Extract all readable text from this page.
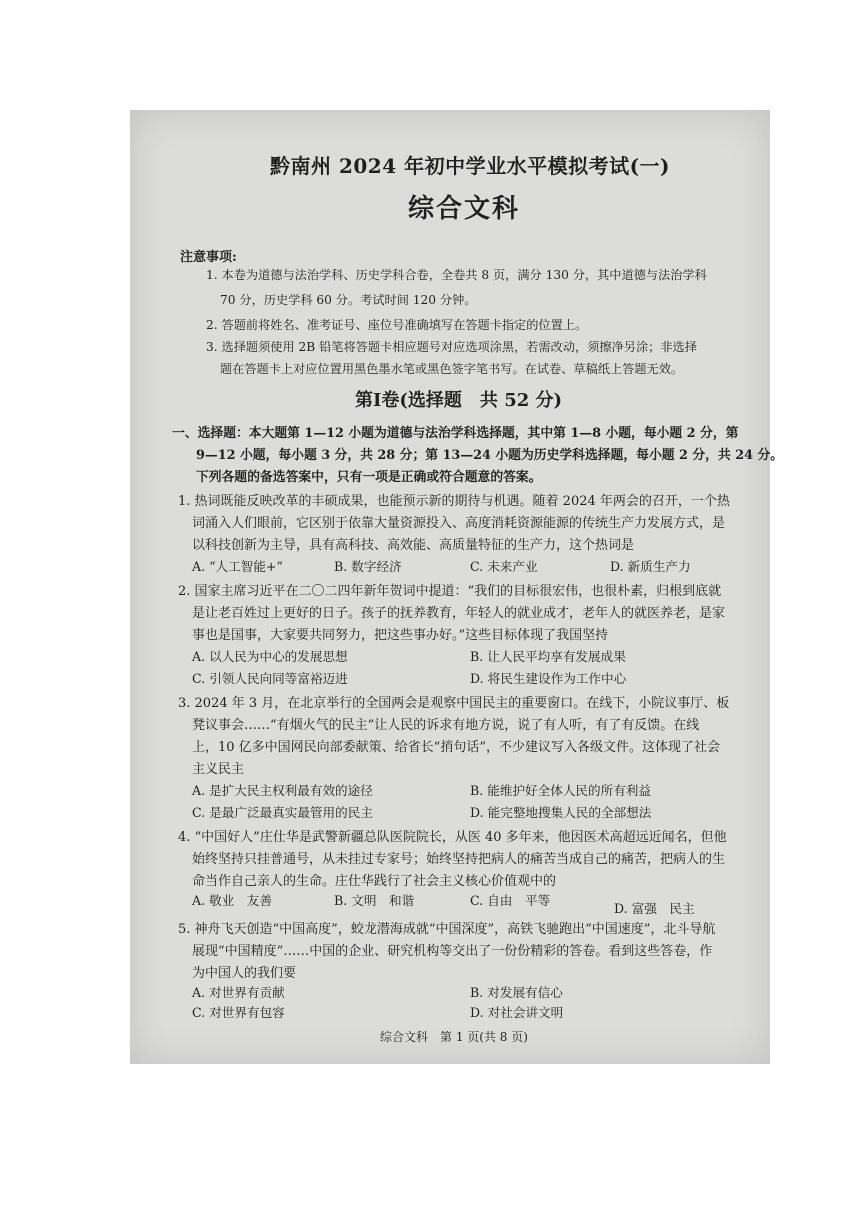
黔南州 2024 年初中学业水平模拟考试(一)
综合文科
注意事项:
1. 本卷为道德与法治学科、历史学科合卷，全卷共 8 页，满分 130 分，其中道德与法治学科
70 分，历史学科 60 分。考试时间 120 分钟。
2. 答题前将姓名、准考证号、座位号准确填写在答题卡指定的位置上。
3. 选择题须使用 2B 铅笔将答题卡相应题号对应选项涂黑，若需改动，须擦净另涂；非选择
题在答题卡上对应位置用黑色墨水笔或黑色签字笔书写。在试卷、草稿纸上答题无效。
第Ⅰ卷(选择题　共 52 分)
一、选择题：本大题第 1—12 小题为道德与法治学科选择题，其中第 1—8 小题，每小题 2 分，第
9—12 小题，每小题 3 分，共 28 分；第 13—24 小题为历史学科选择题，每小题 2 分，共 24 分。
下列各题的备选答案中，只有一项是正确或符合题意的答案。
1. 热词既能反映改革的丰硕成果，也能预示新的期待与机遇。随着 2024 年两会的召开，一个热
词涌入人们眼前，它区别于依靠大量资源投入、高度消耗资源能源的传统生产力发展方式，是
以科技创新为主导，具有高科技、高效能、高质量特征的生产力，这个热词是
A. “人工智能+”	B. 数字经济	C. 未来产业	D. 新质生产力
2. 国家主席习近平在二〇二四年新年贺词中提道：“我们的目标很宏伟，也很朴素，归根到底就
是让老百姓过上更好的日子。孩子的抚养教育，年轻人的就业成才，老年人的就医养老，是家
事也是国事，大家要共同努力，把这些事办好。”这些目标体现了我国坚持
A. 以人民为中心的发展思想	B. 让人民平均享有发展成果
C. 引领人民向同等富裕迈进	D. 将民生建设作为工作中心
3. 2024 年 3 月，在北京举行的全国两会是观察中国民主的重要窗口。在线下，小院议事厅、板
凳议事会……“有烟火气的民主”让人民的诉求有地方说，说了有人听，有了有反馈。在线
上，10 亿多中国网民向部委献策、给省长“捎句话”，不少建议写入各级文件。这体现了社会
主义民主
A. 是扩大民主权利最有效的途径	B. 能维护好全体人民的所有利益
C. 是最广泛最真实最管用的民主	D. 能完整地搜集人民的全部想法
4. “中国好人”庄仕华是武警新疆总队医院院长，从医 40 多年来，他因医术高超远近闻名，但他
始终坚持只挂普通号，从未挂过专家号；始终坚持把病人的痛苦当成自己的痛苦，把病人的生
命当作自己亲人的生命。庄仕华践行了社会主义核心价值观中的
A. 敬业　友善	B. 文明　和谐	C. 自由　平等
D. 富强　民主
5. 神舟飞天创造“中国高度”，蛟龙潜海成就“中国深度”，高铁飞驰跑出“中国速度”，北斗导航
展现“中国精度”……中国的企业、研究机构等交出了一份份精彩的答卷。看到这些答卷，作
为中国人的我们要
A. 对世界有贡献	B. 对发展有信心
C. 对世界有包容	D. 对社会讲文明
综合文科　第 1 页(共 8 页)
